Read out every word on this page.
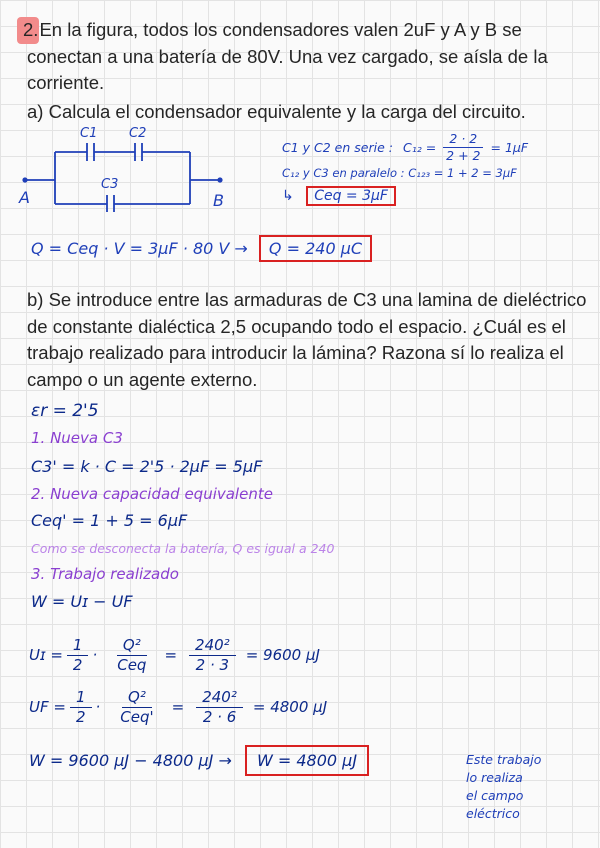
2.En la figura, todos los condensadores valen 2uF y A y B se conectan a una batería de 80V. Una vez cargado, se aísla de la corriente.

a) Calcula el condensador equivalente y la carga del circuito.

C1 C2
C3
A	B
C1 y C2 en serie : $C_{12} = \frac{2 \cdot 2}{2 + 2} = 1\mu F$
C₁₂ y C3 en paralelo : C₁₂₃ = 1 + 2 = 3µF
↳ Ceq = 3µF
Q = Ceq · V = 3µF · 80 V → Q = 240 µC

b) Se introduce entre las armaduras de C3 una lamina de dieléctrico de constante dialéctica 2,5 ocupando todo el espacio. ¿Cuál es el trabajo realizado para introducir la lámina? Razona sí lo realiza el campo o un agente externo.

εr = 2'5
1. Nueva C3
C3' = k · C = 2'5 · 2µF = 5µF
2. Nueva capacidad equivalente
Ceq' = 1 + 5 = 6µF
Como se desconecta la batería, Q es igual a 240
3. Trabajo realizado
W = Uɪ − UF
Uɪ = $\frac{1}{2} \cdot \frac{\text{Q²}}{\text{Ceq}} = \frac{\text{240²}}{2 \cdot 3} = 9600$ µJ
UF = $\frac{1}{2} \cdot \frac{\text{Q²}}{\text{Ceq'}} = \frac{\text{240²}}{2 \cdot 6} = 4800$ µJ
W = 9600 µJ − 4800 µJ → W = 4800 µJ	Este trabajo
lo realiza
el campo
eléctrico
